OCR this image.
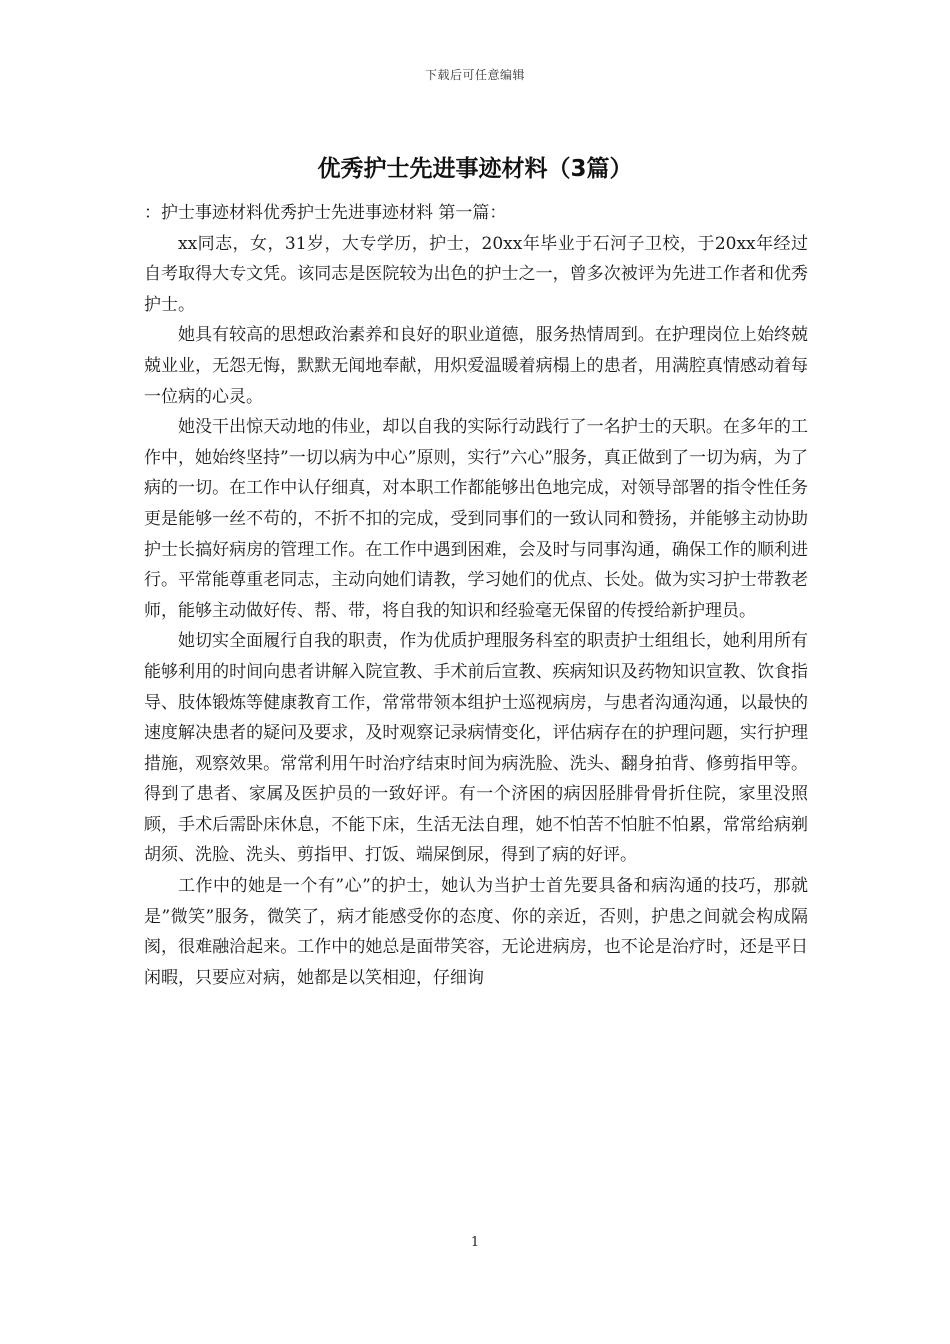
下载后可任意编辑
优秀护士先进事迹材料（3篇）

：护士事迹材料优秀护士先进事迹材料 第一篇：

xx同志，女，31岁，大专学历，护士，20xx年毕业于石河子卫校，于20xx年经过自考取得大专文凭。该同志是医院较为出色的护士之一，曾多次被评为先进工作者和优秀护士。

她具有较高的思想政治素养和良好的职业道德，服务热情周到。在护理岗位上始终兢兢业业，无怨无悔，默默无闻地奉献，用炽爱温暖着病榻上的患者，用满腔真情感动着每一位病的心灵。

她没干出惊天动地的伟业，却以自我的实际行动践行了一名护士的天职。在多年的工作中，她始终坚持”一切以病为中心”原则，实行”六心”服务，真正做到了一切为病，为了病的一切。在工作中认仔细真，对本职工作都能够出色地完成，对领导部署的指令性任务更是能够一丝不苟的，不折不扣的完成，受到同事们的一致认同和赞扬，并能够主动协助护士长搞好病房的管理工作。在工作中遇到困难，会及时与同事沟通，确保工作的顺利进行。平常能尊重老同志，主动向她们请教，学习她们的优点、长处。做为实习护士带教老师，能够主动做好传、帮、带，将自我的知识和经验毫无保留的传授给新护理员。

她切实全面履行自我的职责，作为优质护理服务科室的职责护士组组长，她利用所有能够利用的时间向患者讲解入院宣教、手术前后宣教、疾病知识及药物知识宣教、饮食指导、肢体锻炼等健康教育工作，常常带领本组护士巡视病房，与患者沟通沟通，以最快的速度解决患者的疑问及要求，及时观察记录病情变化，评估病存在的护理问题，实行护理措施，观察效果。常常利用午时治疗结束时间为病洗脸、洗头、翻身拍背、修剪指甲等。得到了患者、家属及医护员的一致好评。有一个济困的病因胫腓骨骨折住院，家里没照顾，手术后需卧床休息，不能下床，生活无法自理，她不怕苦不怕脏不怕累，常常给病剃胡须、洗脸、洗头、剪指甲、打饭、端屎倒尿，得到了病的好评。

工作中的她是一个有”心”的护士，她认为当护士首先要具备和病沟通的技巧，那就是”微笑”服务，微笑了，病才能感受你的态度、你的亲近，否则，护患之间就会构成隔阂，很难融洽起来。工作中的她总是面带笑容，无论进病房，也不论是治疗时，还是平日闲暇，只要应对病，她都是以笑相迎，仔细询

1
